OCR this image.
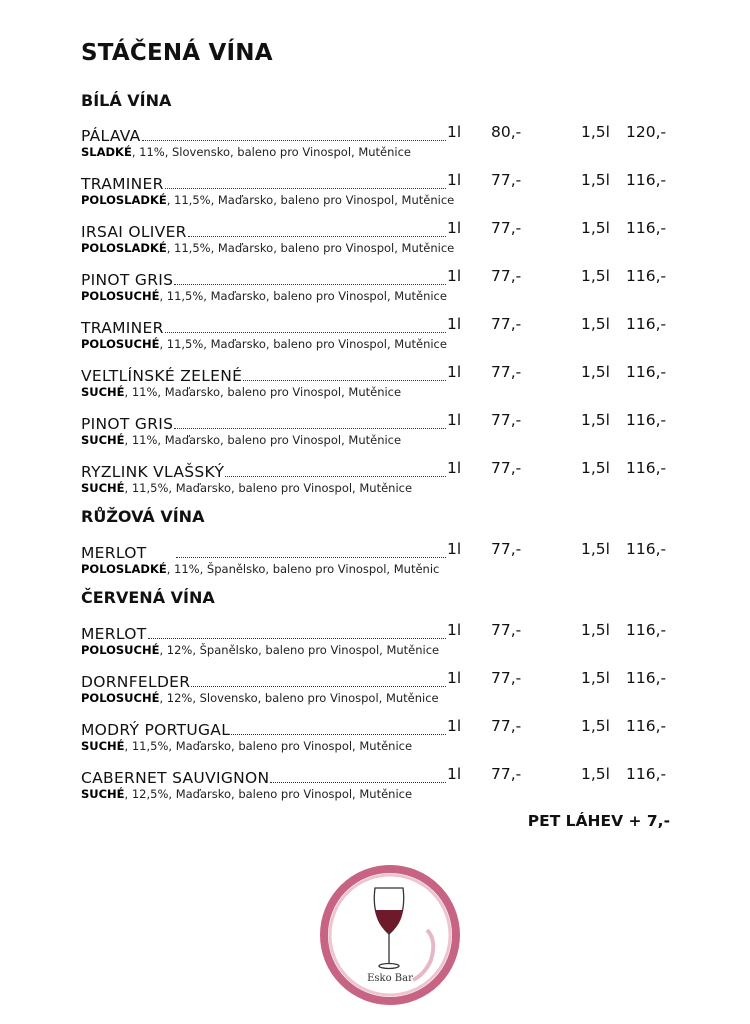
STÁČENÁ VÍNA
BÍLÁ VÍNA
PÁLAVA	1l 80,-	1,5l 120,-
SLADKÉ, 11%, Slovensko, baleno pro Vinospol, Mutěnice
TRAMINER	1l 77,-	1,5l 116,-
POLOSLADKÉ, 11,5%, Maďarsko, baleno pro Vinospol, Mutěnice
IRSAI OLIVER	1l 77,-	1,5l 116,-
POLOSLADKÉ, 11,5%, Maďarsko, baleno pro Vinospol, Mutěnice
PINOT GRIS	1l 77,-	1,5l 116,-
POLOSUCHÉ, 11,5%, Maďarsko, baleno pro Vinospol, Mutěnice
TRAMINER	1l 77,-	1,5l 116,-
POLOSUCHÉ, 11,5%, Maďarsko, baleno pro Vinospol, Mutěnice
VELTLÍNSKÉ ZELENÉ	1l 77,-	1,5l 116,-
SUCHÉ, 11%, Maďarsko, baleno pro Vinospol, Mutěnice
PINOT GRIS	1l 77,-	1,5l 116,-
SUCHÉ, 11%, Maďarsko, baleno pro Vinospol, Mutěnice
RYZLINK VLAŠSKÝ	1l 77,-	1,5l 116,-
SUCHÉ, 11,5%, Maďarsko, baleno pro Vinospol, Mutěnice
RŮŽOVÁ VÍNA
MERLOT	1l 77,-	1,5l 116,-
POLOSLADKÉ, 11%, Španělsko, baleno pro Vinospol, Mutěnic
ČERVENÁ VÍNA
MERLOT	1l 77,-	1,5l 116,-
POLOSUCHÉ, 12%, Španělsko, baleno pro Vinospol, Mutěnice
DORNFELDER	1l 77,-	1,5l 116,-
POLOSUCHÉ, 12%, Slovensko, baleno pro Vinospol, Mutěnice
MODRÝ PORTUGAL	1l 77,-	1,5l 116,-
SUCHÉ, 11,5%, Maďarsko, baleno pro Vinospol, Mutěnice
CABERNET SAUVIGNON	1l 77,-	1,5l 116,-
SUCHÉ, 12,5%, Maďarsko, baleno pro Vinospol, Mutěnice
PET LÁHEV + 7,-
Esko Bar
